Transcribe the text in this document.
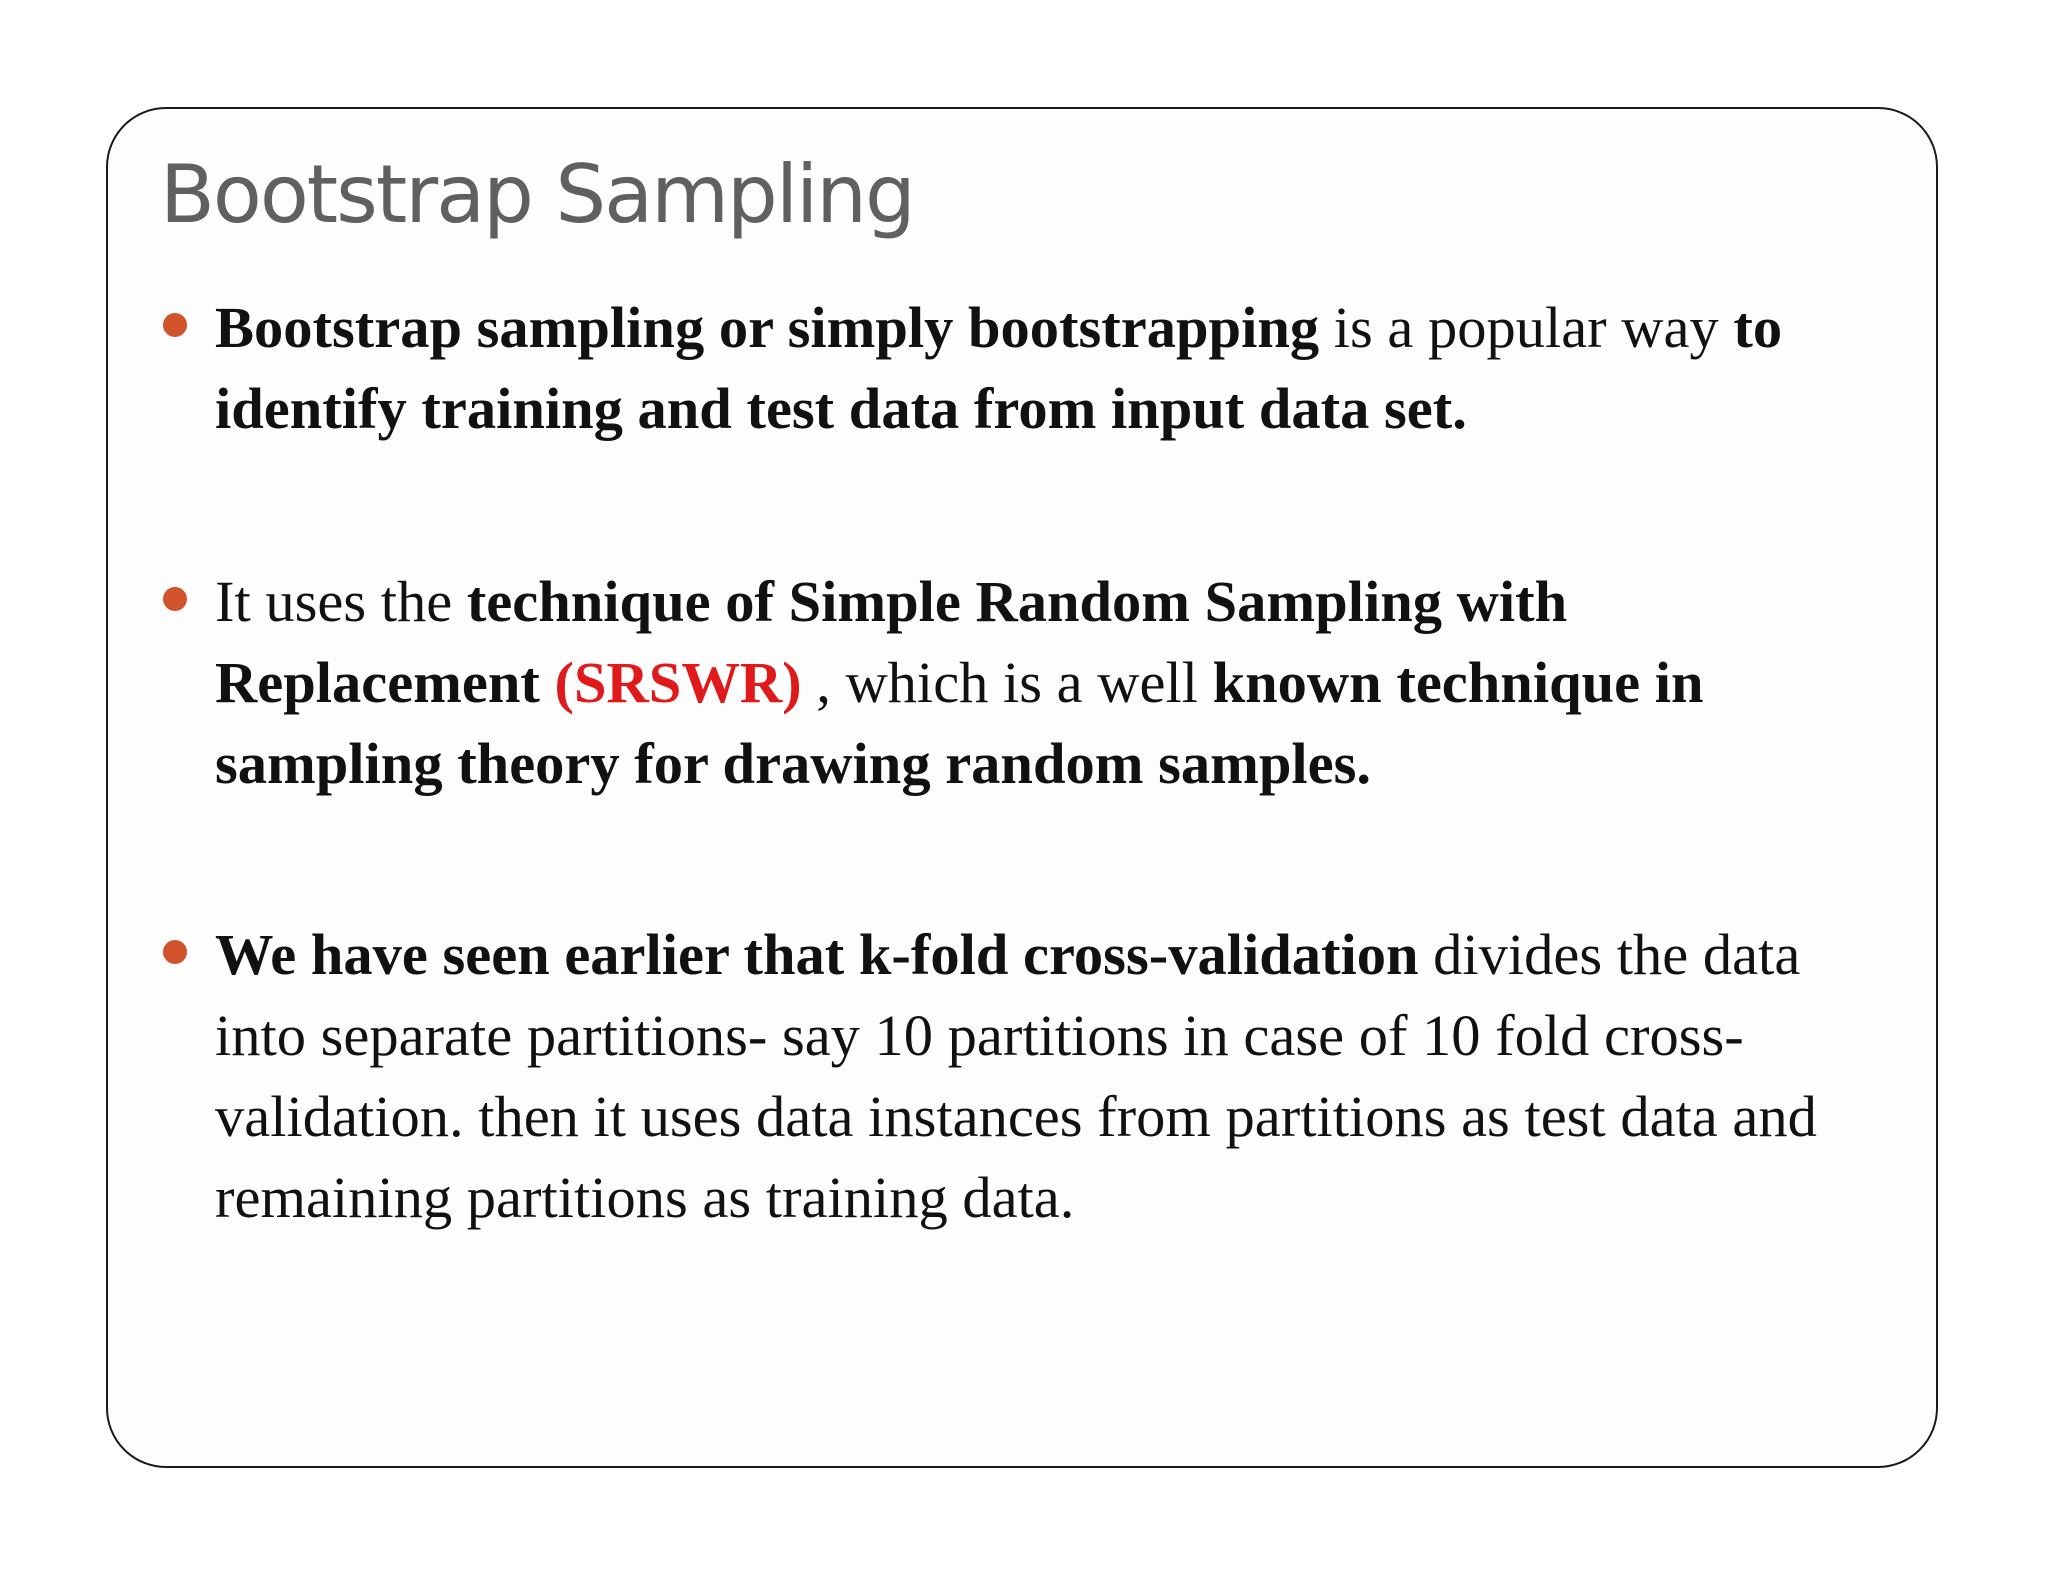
Bootstrap Sampling
Bootstrap sampling or simply bootstrapping is a popular way to identify training and test data from input data set.
It uses the technique of Simple Random Sampling with Replacement (SRSWR) , which is a well known technique in sampling theory for drawing random samples.
We have seen earlier that k-fold cross-validation divides the data into separate partitions- say 10 partitions in case of 10 fold cross-validation. then it uses data instances from partitions as test data and remaining partitions as training data.
